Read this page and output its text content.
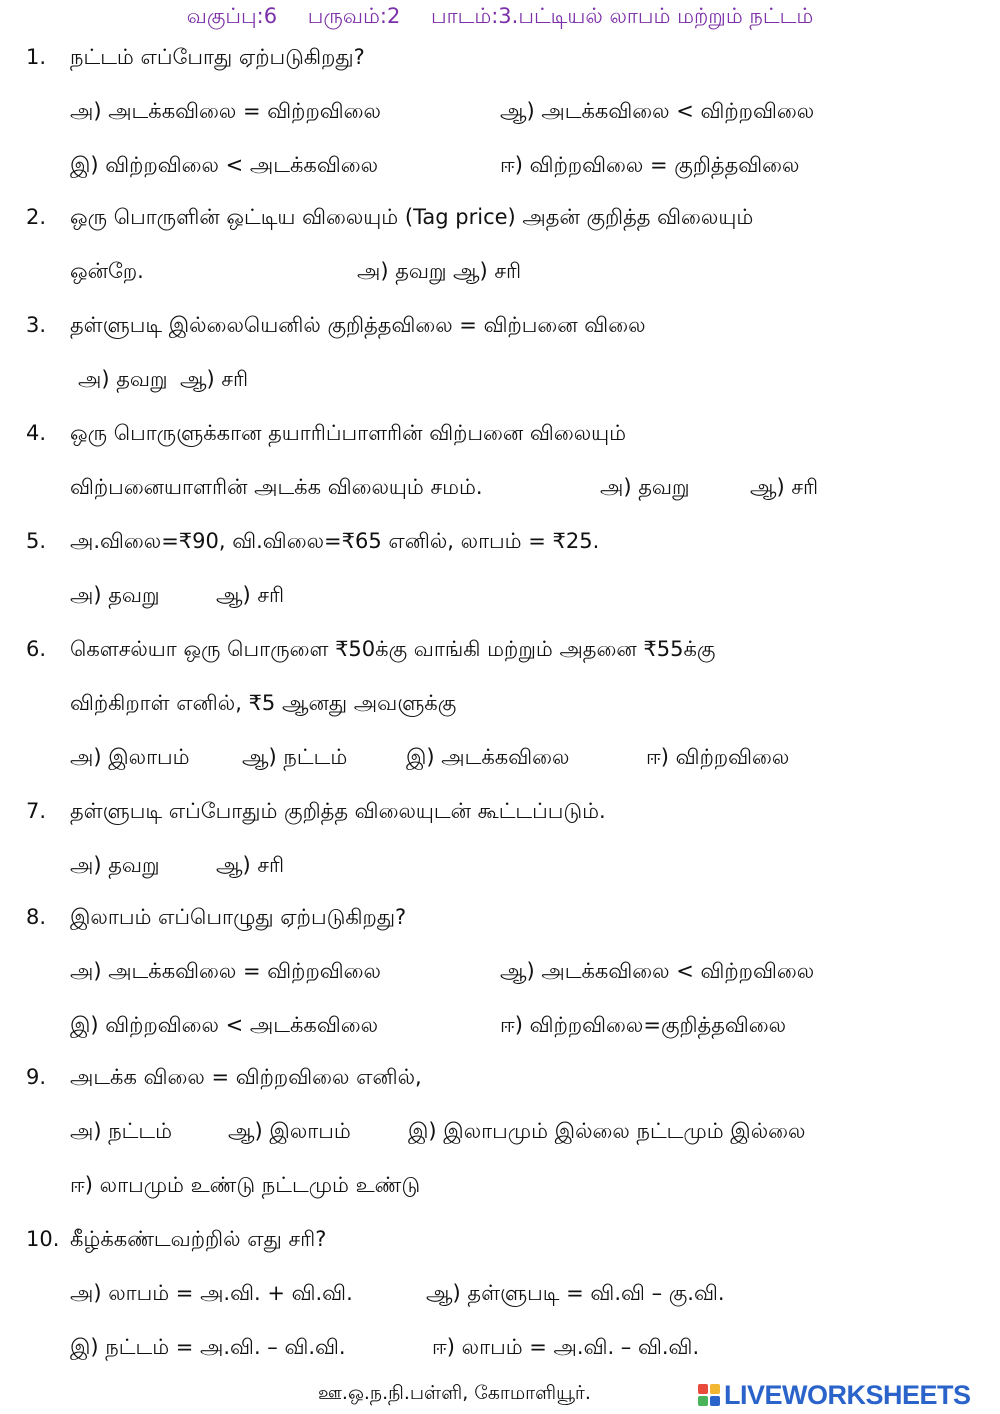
வகுப்பு:6 பருவம்:2 பாடம்:3.பட்டியல் லாபம் மற்றும் நட்டம்
1. நட்டம் எப்போது ஏற்படுகிறது?
அ) அடக்கவிலை = விற்றவிலை	ஆ) அடக்கவிலை < விற்றவிலை
இ) விற்றவிலை < அடக்கவிலை	ஈ) விற்றவிலை = குறித்தவிலை
2. ஒரு பொருளின் ஒட்டிய விலையும் (Tag price) அதன் குறித்த விலையும்
ஒன்றே.	அ) தவறு ஆ) சரி
3. தள்ளுபடி இல்லையெனில் குறித்தவிலை = விற்பனை விலை
அ) தவறு ஆ) சரி
4. ஒரு பொருளுக்கான தயாரிப்பாளரின் விற்பனை விலையும்
விற்பனையாளரின் அடக்க விலையும் சமம்.	அ) தவறு	ஆ) சரி
5. அ.விலை=₹90, வி.விலை=₹65 எனில், லாபம் = ₹25.
அ) தவறு	ஆ) சரி
6. கௌசல்யா ஒரு பொருளை ₹50க்கு வாங்கி மற்றும் அதனை ₹55க்கு
விற்கிறாள் எனில், ₹5 ஆனது அவளுக்கு
அ) இலாபம் ஆ) நட்டம்	இ) அடக்கவிலை	ஈ) விற்றவிலை
7. தள்ளுபடி எப்போதும் குறித்த விலையுடன் கூட்டப்படும்.
அ) தவறு	ஆ) சரி
8. இலாபம் எப்பொழுது ஏற்படுகிறது?
அ) அடக்கவிலை = விற்றவிலை	ஆ) அடக்கவிலை < விற்றவிலை
இ) விற்றவிலை < அடக்கவிலை	ஈ) விற்றவிலை=குறித்தவிலை
9. அடக்க விலை = விற்றவிலை எனில்,
அ) நட்டம்	ஆ) இலாபம்	இ) இலாபமும் இல்லை நட்டமும் இல்லை
ஈ) லாபமும் உண்டு நட்டமும் உண்டு
10. கீழ்க்கண்டவற்றில் எது சரி?
அ) லாபம் = அ.வி. + வி.வி.	ஆ) தள்ளுபடி = வி.வி – கு.வி.
இ) நட்டம் = அ.வி. – வி.வி.	ஈ) லாபம் = அ.வி. – வி.வி.
ஊ.ஒ.ந.நி.பள்ளி, கோமாளியூர்.	LIVEWORKSHEETS
